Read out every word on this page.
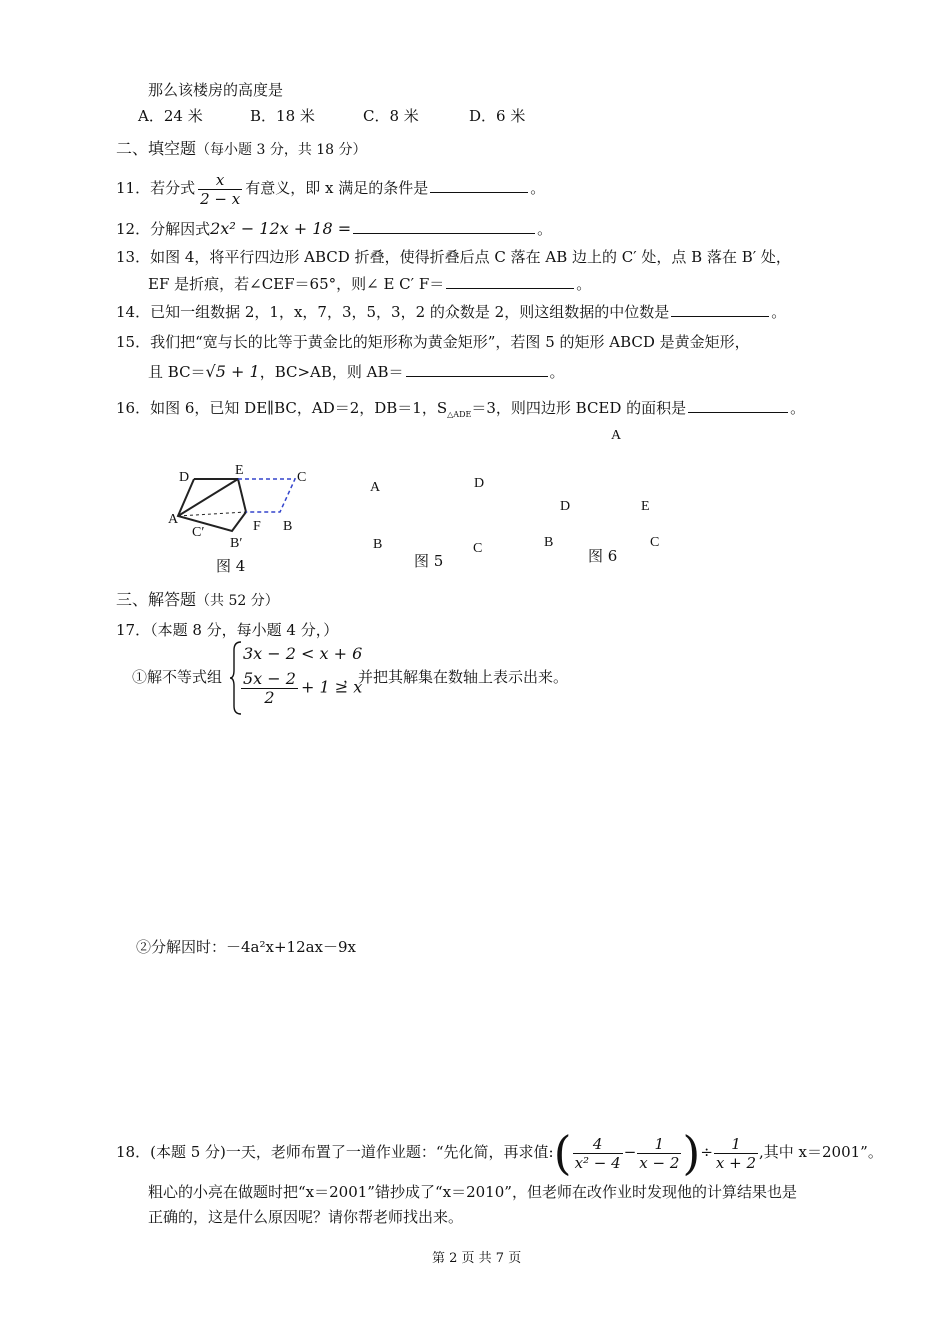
那么该楼房的高度是
A．24 米	B．18 米	C．8 米	D．6 米
二、填空题（每小题 3 分，共 18 分）
11．若分式 $\frac{x}{2 - x}$ 有意义，即 x 满足的条件是	。
12．分解因式2x² − 12x + 18 =	。
13．如图 4，将平行四边形 ABCD 折叠，使得折叠后点 C 落在 AB 边上的 C′ 处，点 B 落在 B′ 处，
EF 是折痕，若∠CEF＝65°，则∠ E C′ F＝	。
14．已知一组数据 2，1，x，7，3，5，3，2 的众数是 2，则这组数据的中位数是	。
15．我们把“宽与长的比等于黄金比的矩形称为黄金矩形”，若图 5 的矩形 ABCD 是黄金矩形，
且 BC＝√5 + 1，BC>AB，则 AB＝	。
16．如图 6，已知 DE∥BC，AD＝2，DB＝1，$S_{\triangle ADE}=3$，则四边形 BCED 的面积是	。
D	E	C
A
C′	F B
B′
图 4
A	D
B	C
图 5
A
D	E
B	C
图 6
三、解答题（共 52 分）
17．（本题 8 分，每小题 4 分，）
①解不等式组
3x − 2 < x + 6
$\frac{5x - 2}{2} + 1 \ge x$
，并把其解集在数轴上表示出来。
②分解因时：－4a²x+12ax－9x
18．(本题 5 分)一天，老师布置了一道作业题：“先化简，再求值:( $\frac{4}{\text{x² − 4}} - \frac{1}{x - 2}$ )÷ $\frac{1}{x + 2}$ ,其中 x＝2001”。
粗心的小亮在做题时把“x＝2001”错抄成了“x＝2010”，但老师在改作业时发现他的计算结果也是
正确的，这是什么原因呢？请你帮老师找出来。
第 2 页 共 7 页
